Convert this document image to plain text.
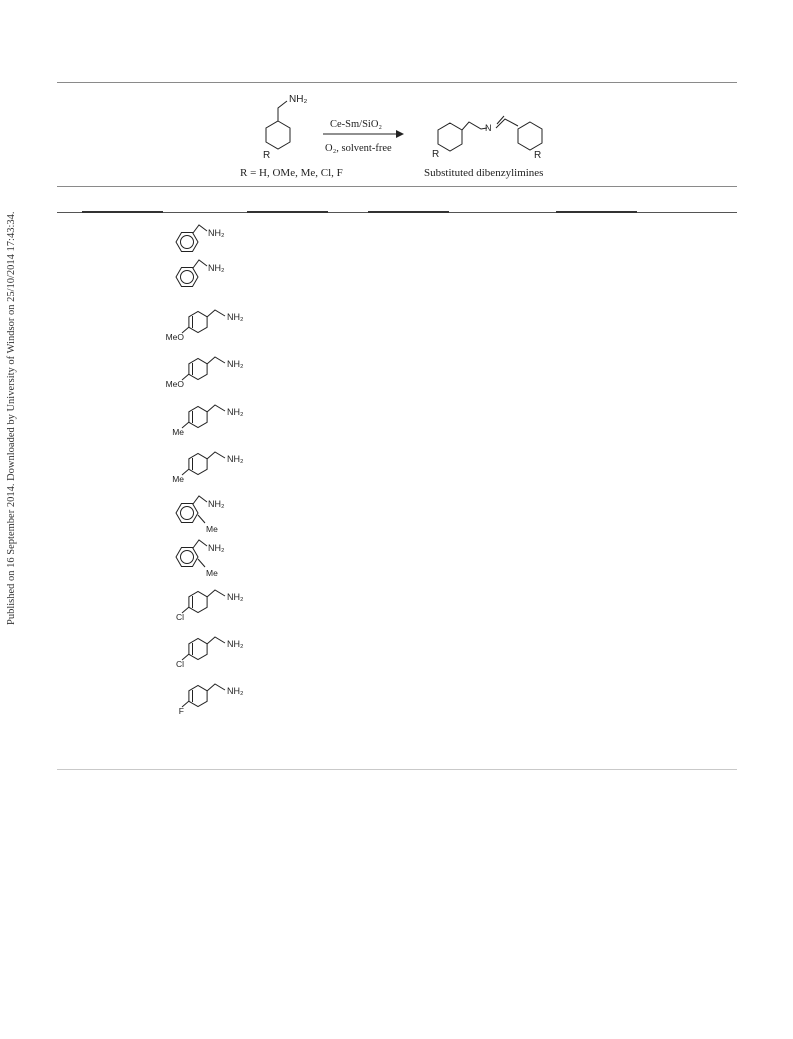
Published on 16 September 2014. Downloaded by University of Windsor on 25/10/2014 17:43:34.
NH₂
R
Ce-Sm/SiO₂
O₂, solvent-free
R = H, OMe, Me, Cl, F
N
R	R
Substituted dibenzylimines
NH₂
NH₂
NH₂
MeO
NH₂
MeO
NH₂
Me
NH₂
Me
NH₂
Me
NH₂
Me
NH₂
Cl
NH₂
Cl
NH₂
F
